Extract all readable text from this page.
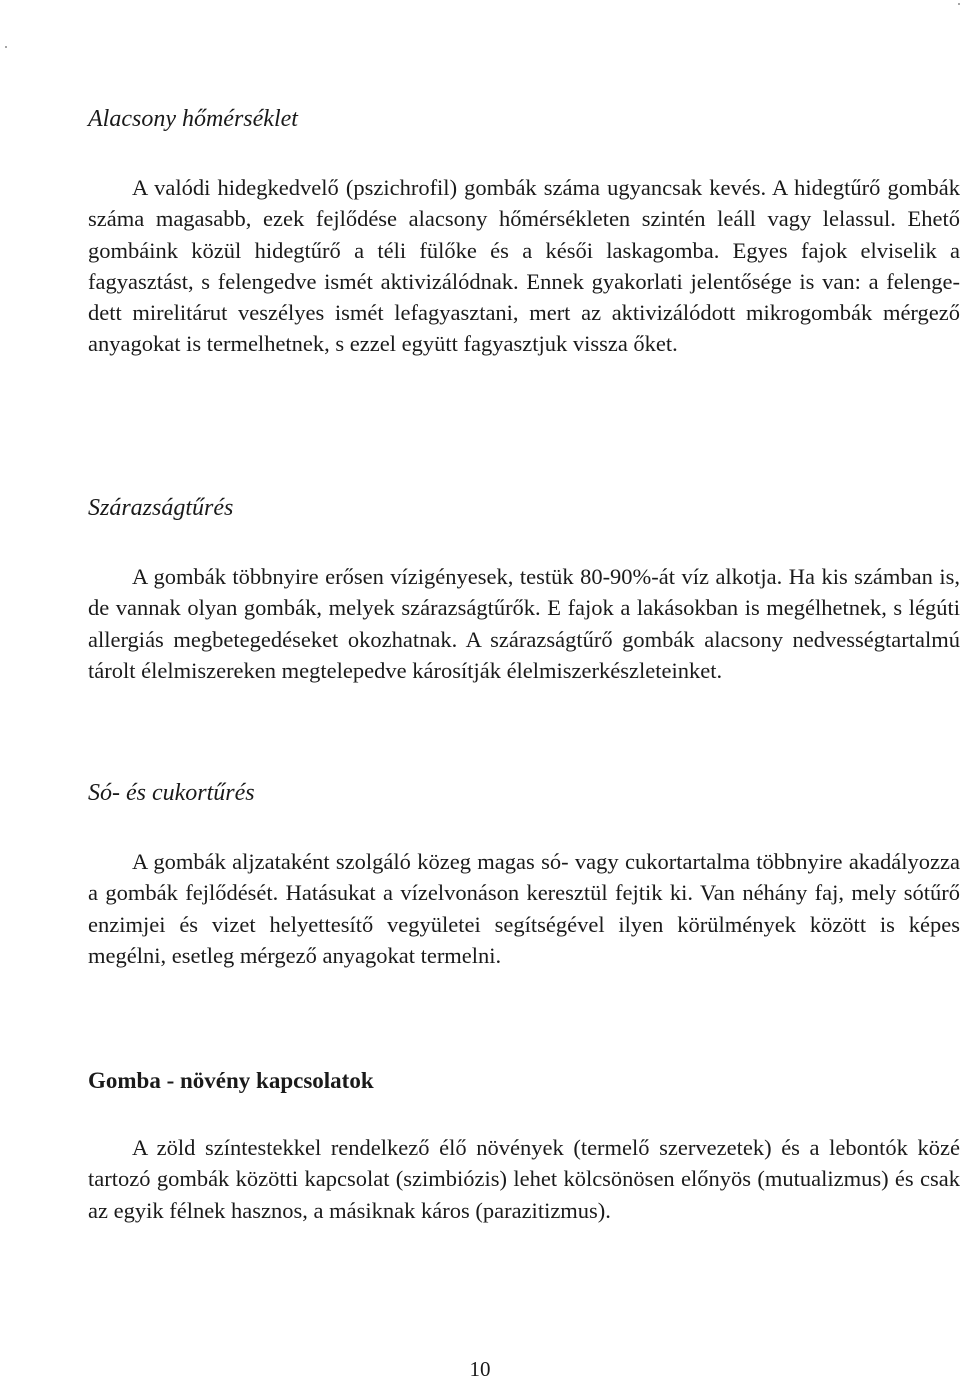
Alacsony hőmérséklet

A valódi hidegkedvelő (pszichrofil) gombák száma ugyancsak kevés. A hidegtűrő gombák száma magasabb, ezek fejlődése alacsony hőmérsékleten szintén leáll vagy lelassul. Ehető gombáink közül hidegtűrő a téli fülőke és a késői laskagomba. Egyes fajok elviselik a fagyasztást, s felengedve ismét aktivizálódnak. Ennek gyakorlati jelentősége is van: a felengedett mirelitárut veszélyes ismét lefagyasztani, mert az aktivizálódott mikrogombák mérgező anyagokat is termelhetnek, s ezzel együtt fagyasztjuk vissza őket.

Szárazságtűrés

A gombák többnyire erősen vízigényesek, testük 80-90%-át víz alkotja. Ha kis számban is, de vannak olyan gombák, melyek szárazságtűrők. E fajok a lakásokban is megélhetnek, s légúti allergiás megbetegedéseket okozhatnak. A szárazságtűrő gombák alacsony nedvességtartalmú tárolt élelmiszereken megtelepedve károsítják élelmiszerkészleteinket.

Só- és cukortűrés

A gombák aljzataként szolgáló közeg magas só- vagy cukortartalma többnyire akadályozza a gombák fejlődését. Hatásukat a vízelvonáson keresztül fejtik ki. Van néhány faj, mely sótűrő enzimjei és vizet helyettesítő vegyületei segítségével ilyen körülmények között is képes megélni, esetleg mérgező anyagokat termelni.

Gomba - növény kapcsolatok

A zöld színtestekkel rendelkező élő növények (termelő szervezetek) és a lebontók közé tartozó gombák közötti kapcsolat (szimbiózis) lehet kölcsönösen előnyös (mutualizmus) és csak az egyik félnek hasznos, a másiknak káros (parazitizmus).

10
